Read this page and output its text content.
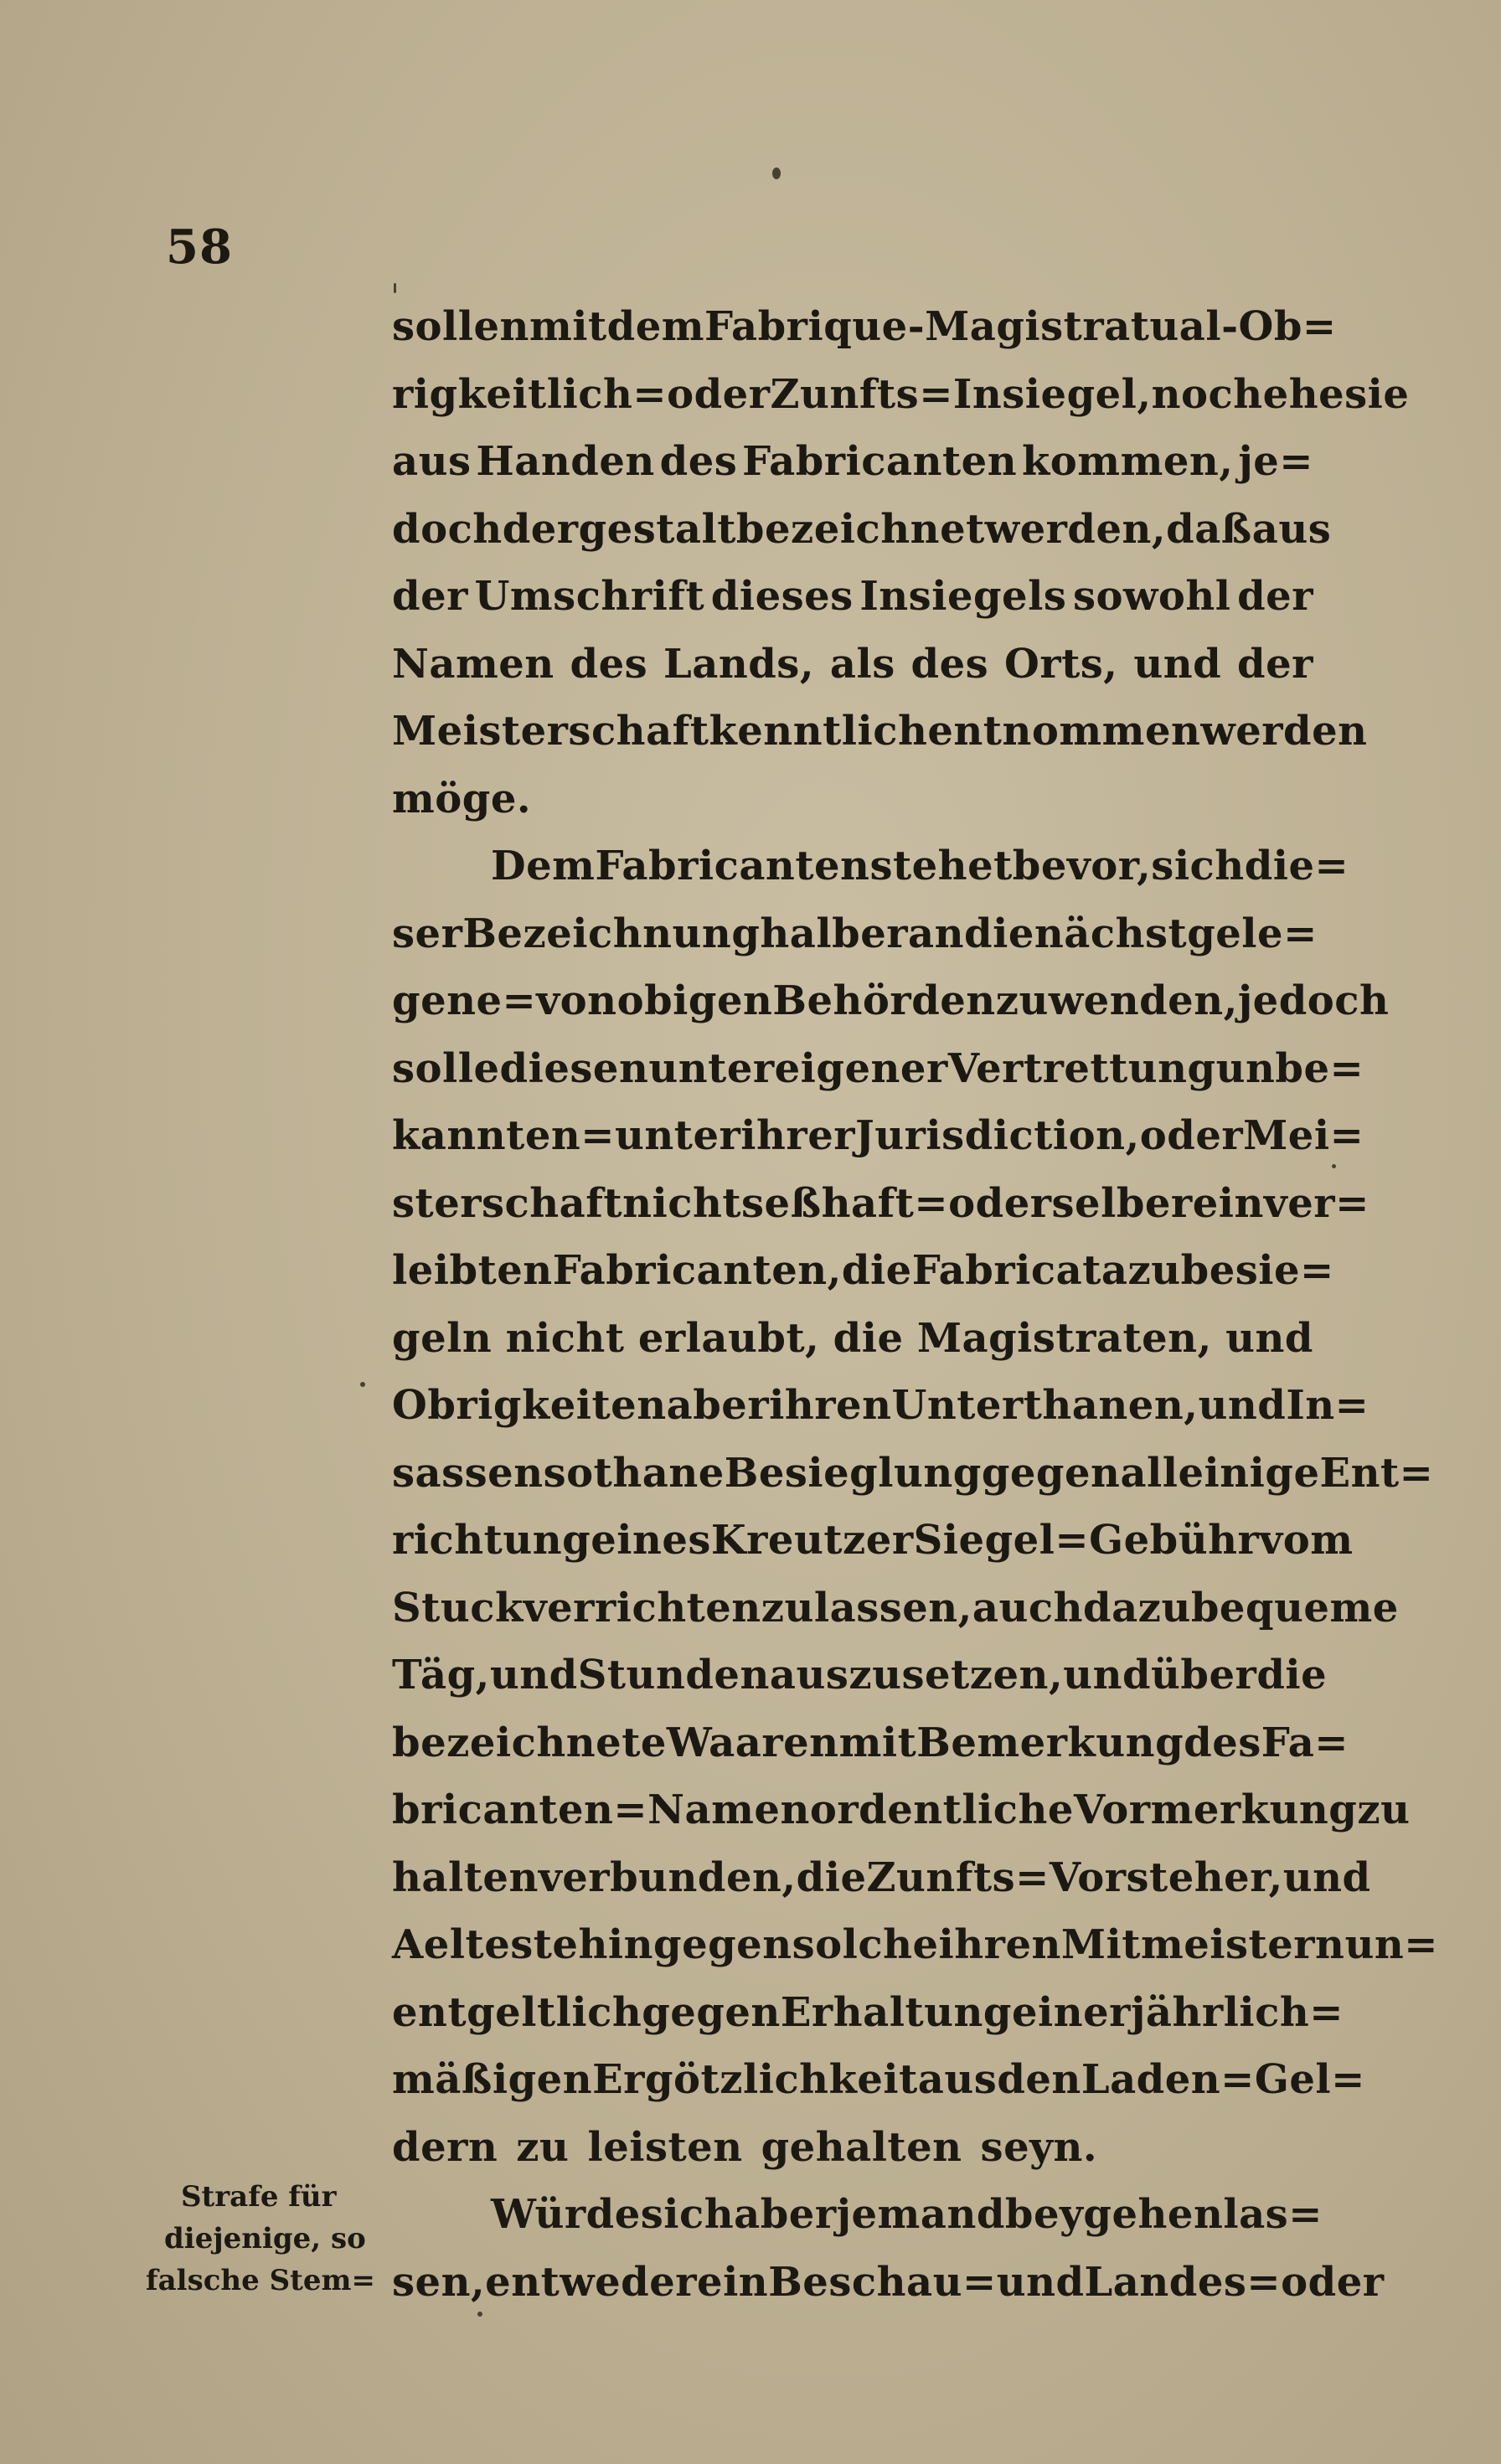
58
sollen mit dem Fabrique-Magistratual-Ob=
rigkeitlich=oder Zunfts=Insiegel, noch ehe sie
aus Handen des Fabricanten kommen, je=
doch dergestalt bezeichnet werden, daß aus
der Umschrift dieses Insiegels sowohl der
Namen des Lands, als des Orts, und der
Meisterschaft kenntlich entnommen werden
möge.
Dem Fabricanten stehet bevor, sich die=
ser Bezeichnung halber an die nächst gele=
gene=von obigen Behörden zu wenden, jedoch
solle diesen unter eigener Vertrettung unbe=
kannten = unter ihrer Jurisdiction, oder Mei=
sterschaft nicht seßhaft = oder selber einver=
leibten Fabricanten, die Fabricata zu besie=
geln nicht erlaubt, die Magistraten, und
Obrigkeiten aber ihren Unterthanen, und In=
sassen sothane Besieglung gegen alleinige Ent=
richtung eines Kreutzer Siegel=Gebühr vom
Stuck verrichten zu lassen, auch dazu bequeme
Täg, und Stunden auszusetzen, und über die
bezeichnete Waaren mit Bemerkung des Fa=
bricanten=Namen ordentliche Vormerkung zu
halten verbunden, die Zunfts=Vorsteher, und
Aelteste hingegen solche ihren Mitmeistern un=
entgeltlich gegen Erhaltung einer jährlich=
mäßigen Ergötzlichkeit aus den Laden=Gel=
dern zu leisten gehalten seyn.
Würde sich aber jemand beygehen las=
sen, entweder ein Beschau= und Landes=oder
Strafe für
diejenige, so
falsche Stem=
